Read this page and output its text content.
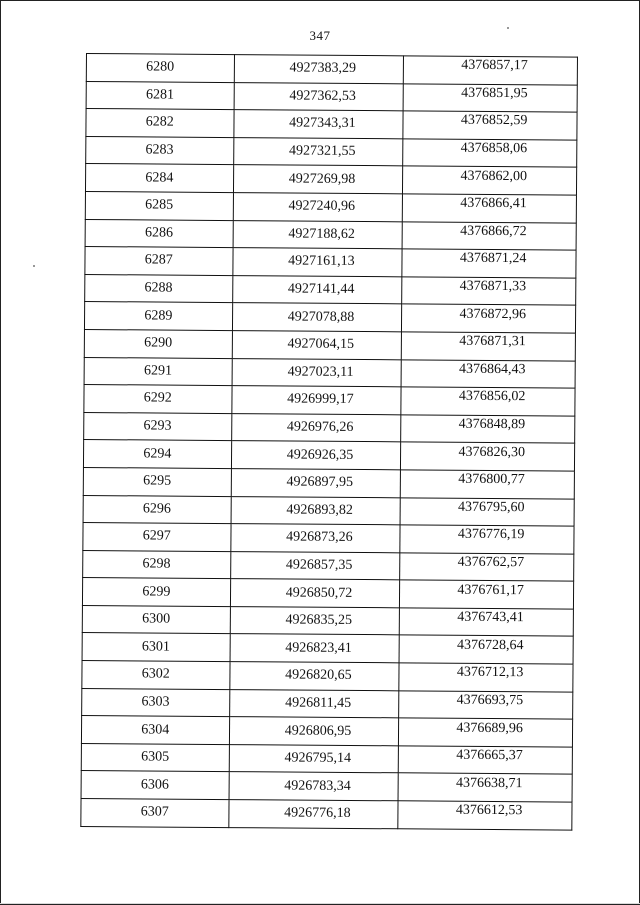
347
6280	4927383,29	4376857,17
6281	4927362,53	4376851,95
6282	4927343,31	4376852,59
6283	4927321,55	4376858,06
6284	4927269,98	4376862,00
6285	4927240,96	4376866,41
6286	4927188,62	4376866,72
6287	4927161,13	4376871,24
6288	4927141,44	4376871,33
6289	4927078,88	4376872,96
6290	4927064,15	4376871,31
6291	4927023,11	4376864,43
6292	4926999,17	4376856,02
6293	4926976,26	4376848,89
6294	4926926,35	4376826,30
6295	4926897,95	4376800,77
6296	4926893,82	4376795,60
6297	4926873,26	4376776,19
6298	4926857,35	4376762,57
6299	4926850,72	4376761,17
6300	4926835,25	4376743,41
6301	4926823,41	4376728,64
6302	4926820,65	4376712,13
6303	4926811,45	4376693,75
6304	4926806,95	4376689,96
6305	4926795,14	4376665,37
6306	4926783,34	4376638,71
6307	4926776,18	4376612,53
